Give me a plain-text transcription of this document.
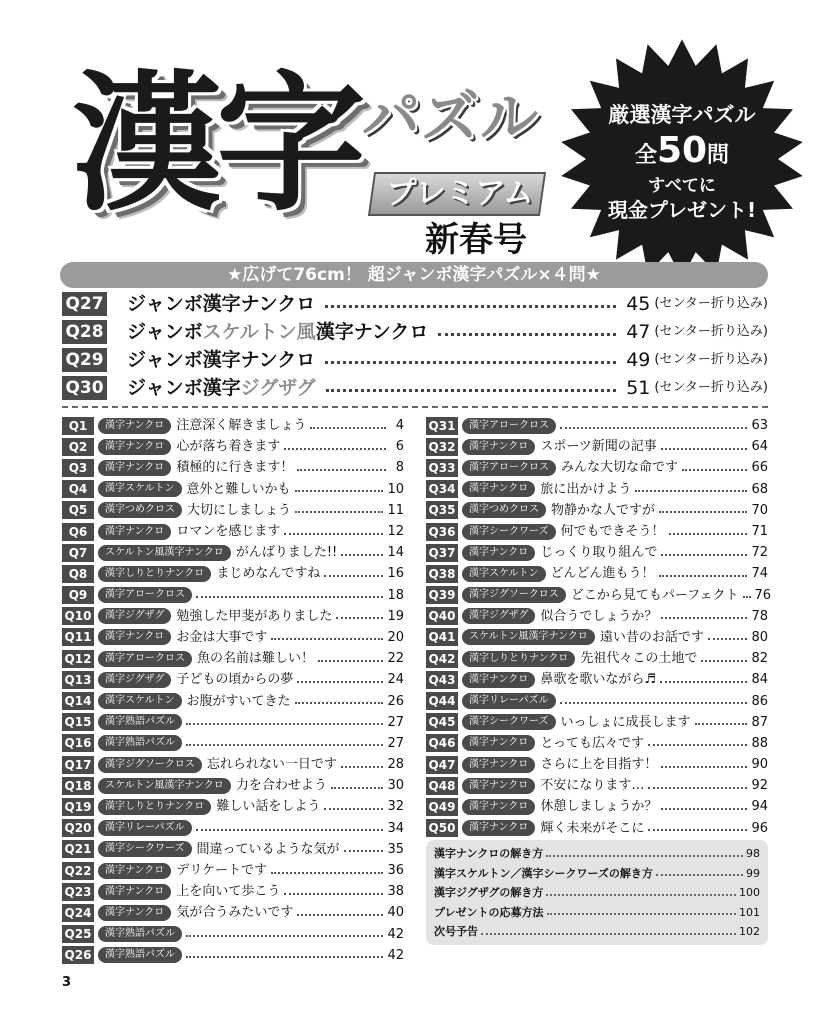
漢字 パズル
プレミアム
新春号
厳選漢字パズル
全50問
すべてに
現金プレゼント!
★広げて76cm！ 超ジャンボ漢字パズル×４問★
Q27 ジャンボ漢字ナンクロ	45 (センター折り込み)
Q28 ジャンボスケルトン風漢字ナンクロ	47 (センター折り込み)
Q29 ジャンボ漢字ナンクロ	49 (センター折り込み)
Q30 ジャンボ漢字ジグザグ	51 (センター折り込み)
Q1	漢字ナンクロ 注意深く解きましょう	4
Q2	漢字ナンクロ 心が落ち着きます	6
Q3	漢字ナンクロ 積極的に行きます！	8
Q4	漢字スケルトン 意外と難しいかも	10
Q5	漢字つめクロス 大切にしましょう	11
Q6	漢字ナンクロ ロマンを感じます	12
Q7	スケルトン風漢字ナンクロ がんばりました!!	14
Q8	漢字しりとりナンクロ まじめなんですね	16
Q9	漢字アロークロス	18
Q10	漢字ジグザグ 勉強した甲斐がありました	19
Q11	漢字ナンクロ お金は大事です	20
Q12	漢字アロークロス 魚の名前は難しい！	22
Q13	漢字ジグザグ 子どもの頃からの夢	24
Q14	漢字スケルトン お腹がすいてきた	26
Q15	漢字熟語パズル	27
Q16	漢字熟語パズル	27
Q17	漢字ジグソークロス 忘れられない一日です	28
Q18	スケルトン風漢字ナンクロ 力を合わせよう	30
Q19	漢字しりとりナンクロ 難しい話をしよう	32
Q20	漢字リレーパズル	34
Q21	漢字シークワーズ 間違っているような気が	35
Q22	漢字ナンクロ デリケートです	36
Q23	漢字ナンクロ 上を向いて歩こう	38
Q24	漢字ナンクロ 気が合うみたいです	40
Q25	漢字熟語パズル	42
Q26	漢字熟語パズル	42
Q31	漢字アロークロス	63
Q32	漢字ナンクロ スポーツ新聞の記事	64
Q33	漢字アロークロス みんな大切な命です	66
Q34	漢字ナンクロ 旅に出かけよう	68
Q35	漢字つめクロス 物静かな人ですが	70
Q36	漢字シークワーズ 何でもできそう！	71
Q37	漢字ナンクロ じっくり取り組んで	72
Q38	漢字スケルトン どんどん進もう！	74
Q39	漢字ジグソークロス どこから見てもパーフェクト 76
Q40	漢字ジグザグ 似合うでしょうか？	78
Q41	スケルトン風漢字ナンクロ 遠い昔のお話です	80
Q42	漢字しりとりナンクロ 先祖代々この土地で	82
Q43	漢字ナンクロ 鼻歌を歌いながら♬	84
Q44	漢字リレーパズル	86
Q45	漢字シークワーズ いっしょに成長します	87
Q46	漢字ナンクロ とっても広々です	88
Q47	漢字ナンクロ さらに上を目指す！	90
Q48	漢字ナンクロ 不安になります…	92
Q49	漢字ナンクロ 休憩しましょうか？	94
Q50	漢字ナンクロ 輝く未来がそこに	96
漢字ナンクロの解き方	98
漢字スケルトン／漢字シークワーズの解き方	99
漢字ジグザグの解き方	100
プレゼントの応募方法	101
次号予告	102
3
